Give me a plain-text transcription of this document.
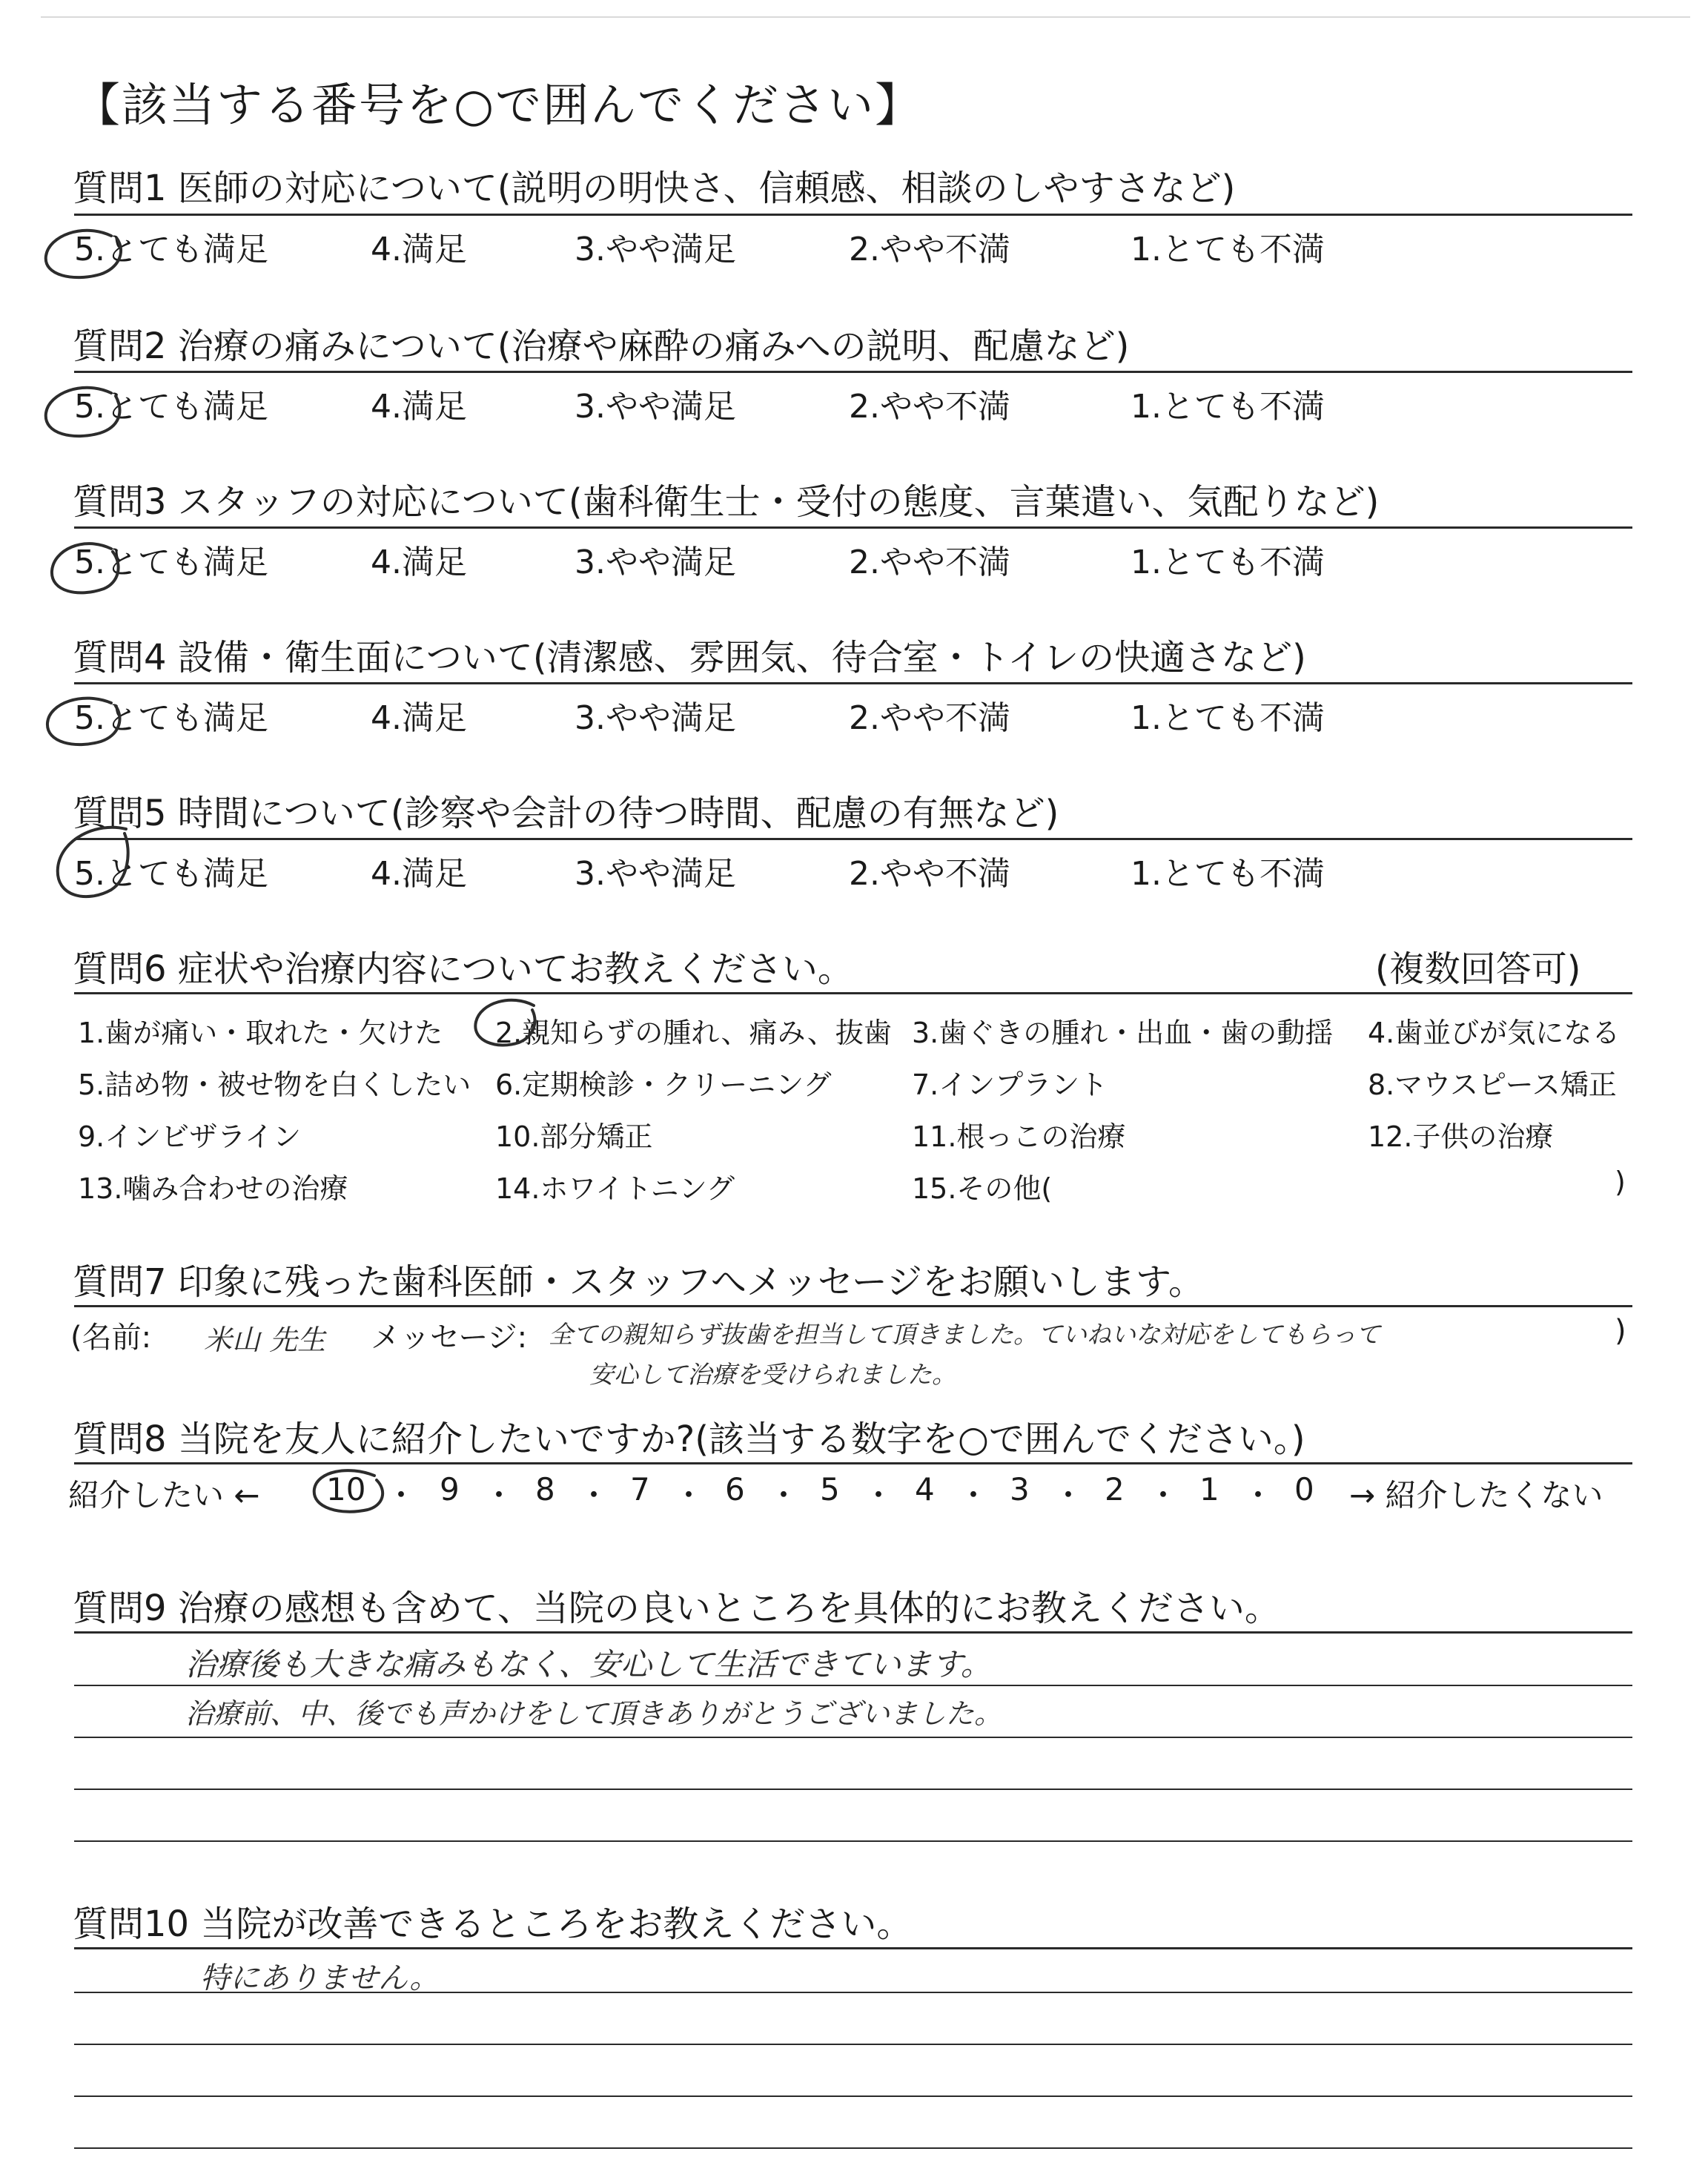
【該当する番号を○で囲んでください】
質問1 医師の対応について(説明の明快さ、信頼感、相談のしやすさなど)
5.とても満足	4.満足	3.やや満足	2.やや不満	1.とても不満
質問2 治療の痛みについて(治療や麻酔の痛みへの説明、配慮など)
5.とても満足	4.満足	3.やや満足	2.やや不満	1.とても不満
質問3 スタッフの対応について(歯科衛生士・受付の態度、言葉遣い、気配りなど)
5.とても満足	4.満足	3.やや満足	2.やや不満	1.とても不満
質問4 設備・衛生面について(清潔感、雰囲気、待合室・トイレの快適さなど)
5.とても満足	4.満足	3.やや満足	2.やや不満	1.とても不満
質問5 時間について(診察や会計の待つ時間、配慮の有無など)
5.とても満足	4.満足	3.やや満足	2.やや不満	1.とても不満
質問6 症状や治療内容についてお教えください。	(複数回答可)
1.歯が痛い・取れた・欠けた 2.親知らずの腫れ、痛み、抜歯 3.歯ぐきの腫れ・出血・歯の動揺 4.歯並びが気になる
5.詰め物・被せ物を白くしたい 6.定期検診・クリーニング	7.インプラント	8.マウスピース矯正
9.インビザライン	10.部分矯正	11.根っこの治療	12.子供の治療
13.噛み合わせの治療	14.ホワイトニング	15.その他(	)
質問7 印象に残った歯科医師・スタッフへメッセージをお願いします。
(名前: 米山 先生 メッセージ: 全ての親知らず抜歯を担当して頂きました。ていねいな対応をしてもらって
安心して治療を受けられました。
)
質問8 当院を友人に紹介したいですか?(該当する数字を○で囲んでください。)
紹介したい ←	→ 紹介したくない
10 ・ 9 ・ 8 ・ 7 ・ 6 ・ 5 ・ 4 ・ 3 ・ 2 ・ 1 ・ 0
質問9 治療の感想も含めて、当院の良いところを具体的にお教えください。
治療後も大きな痛みもなく、安心して生活できています。
治療前、中、後でも声かけをして頂きありがとうございました。
質問10 当院が改善できるところをお教えください。
特にありません。
